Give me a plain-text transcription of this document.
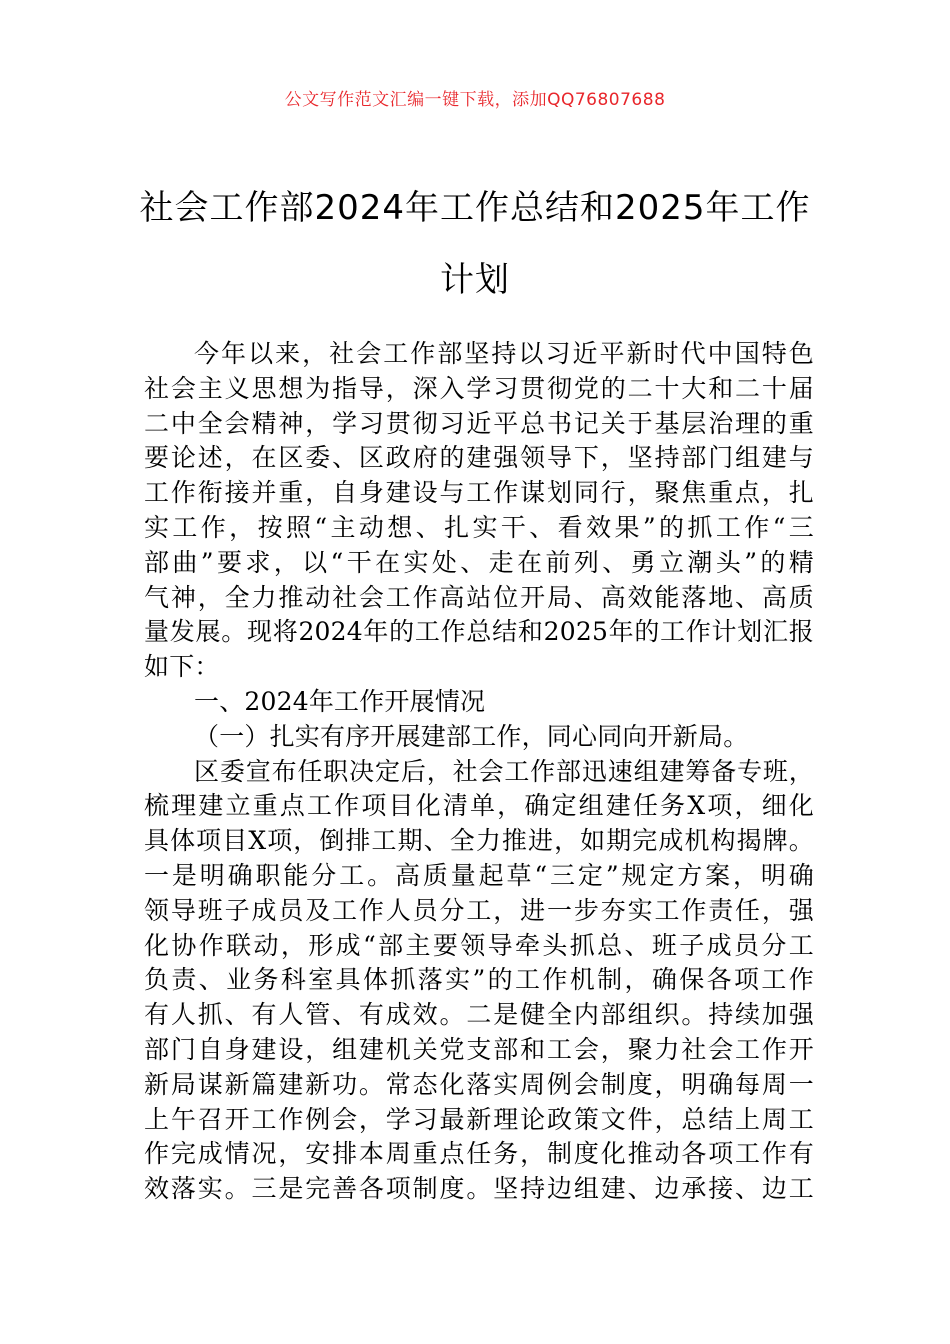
公文写作范文汇编一键下载，添加QQ76807688
社会工作部2024年工作总结和2025年工作
计划
今年以来，社会工作部坚持以习近平新时代中国特色
社会主义思想为指导，深入学习贯彻党的二十大和二十届
二中全会精神，学习贯彻习近平总书记关于基层治理的重
要论述，在区委、区政府的建强领导下，坚持部门组建与
工作衔接并重，自身建设与工作谋划同行，聚焦重点，扎
实工作，按照“主动想、扎实干、看效果”的抓工作“三
部曲”要求，以“干在实处、走在前列、勇立潮头”的精
气神，全力推动社会工作高站位开局、高效能落地、高质
量发展。现将2024年的工作总结和2025年的工作计划汇报
如下：
一、2024年工作开展情况
（一）扎实有序开展建部工作，同心同向开新局。
区委宣布任职决定后，社会工作部迅速组建筹备专班，
梳理建立重点工作项目化清单，确定组建任务X项，细化
具体项目X项，倒排工期、全力推进，如期完成机构揭牌。
一是明确职能分工。高质量起草“三定”规定方案，明确
领导班子成员及工作人员分工，进一步夯实工作责任，强
化协作联动，形成“部主要领导牵头抓总、班子成员分工
负责、业务科室具体抓落实”的工作机制，确保各项工作
有人抓、有人管、有成效。二是健全内部组织。持续加强
部门自身建设，组建机关党支部和工会，聚力社会工作开
新局谋新篇建新功。常态化落实周例会制度，明确每周一
上午召开工作例会，学习最新理论政策文件，总结上周工
作完成情况，安排本周重点任务，制度化推动各项工作有
效落实。三是完善各项制度。坚持边组建、边承接、边工
